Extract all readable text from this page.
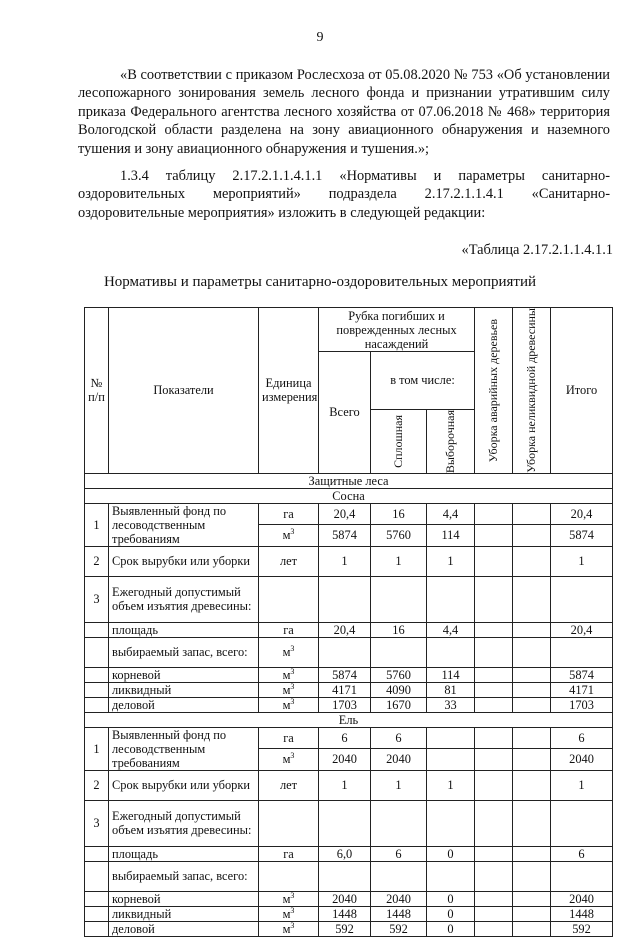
9
«В соответствии с приказом Рослесхоза от 05.08.2020 № 753 «Об установлении лесопожарного зонирования земель лесного фонда и признании утратившим силу приказа Федерального агентства лесного хозяйства от 07.06.2018 № 468» территория Вологодской области разделена на зону авиационного обнаружения и наземного тушения и зону авиационного обнаружения и тушения.»;
1.3.4 таблицу 2.17.2.1.1.4.1.1 «Нормативы и параметры санитарно-оздоровительных мероприятий» подраздела 2.17.2.1.1.4.1 «Санитарно-оздоровительные мероприятия» изложить в следующей редакции:
«Таблица 2.17.2.1.1.4.1.1
Нормативы и параметры санитарно-оздоровительных мероприятий
№ п/п	Показатели	Единица измерения	Рубка погибших и поврежденных лесных насаждений			Уборка аварийных деревьев	Уборка неликвидной древесины	Итого
			Всего	в том числе:				

				Сплошная	Выборочная			

Защитные леса								
Сосна								
1	Выявленный фонд по лесоводственным требованиям	га	20,4	16	4,4			20,4
		$м^3$	5874	5760	114			5874
2	Срок вырубки или уборки	лет	1	1	1			1
3	Ежегодный допустимый объем изъятия древесины:							
	площадь	га	20,4	16	4,4			20,4
	выбираемый запас, всего:	$м^3$						
	корневой	$м^3$	5874	5760	114			5874
	ликвидный	$м^3$	4171	4090	81			4171
	деловой	$м^3$	1703	1670	33			1703
Ель								
1	Выявленный фонд по лесоводственным требованиям	га	6	6				6
		$м^3$	2040	2040				2040
2	Срок вырубки или уборки	лет	1	1	1			1
3	Ежегодный допустимый объем изъятия древесины:							
	площадь	га	6,0	6	0			6
	выбираемый запас, всего:							
	корневой	$м^3$	2040	2040	0			2040
	ликвидный	$м^3$	1448	1448	0			1448
	деловой	$м^3$	592	592	0			592
